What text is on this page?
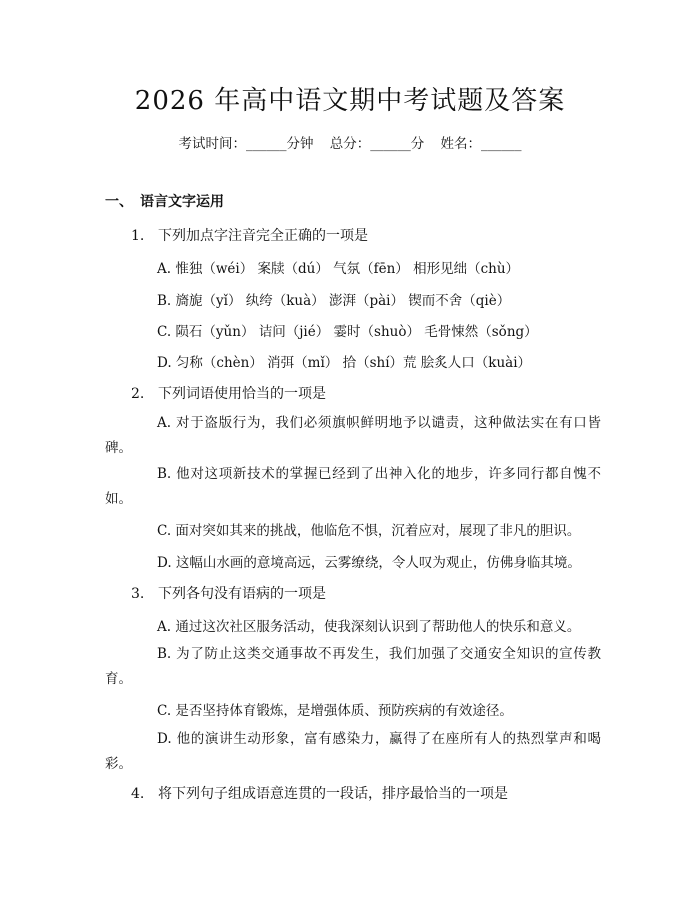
2026 年高中语文期中考试题及答案
考试时间：______分钟 总分：______分 姓名：______
一、　语言文字运用
1. 下列加点字注音完全正确的一项是
A. 惟独（wéi） 案牍（dú） 气氛（fēn） 相形见绌（chù）
B. 旖旎（yǐ） 纨绔（kuà） 澎湃（pài） 锲而不舍（qiè）
C. 陨石（yǔn） 诘问（jié） 霎时（shuò） 毛骨悚然（sǒng）
D. 匀称（chèn） 消弭（mǐ） 拾（shí）荒 脍炙人口（kuài）
2. 下列词语使用恰当的一项是
A. 对于盗版行为，我们必须旗帜鲜明地予以谴责，这种做法实在有口皆碑。
B. 他对这项新技术的掌握已经到了出神入化的地步，许多同行都自愧不如。
C. 面对突如其来的挑战，他临危不惧，沉着应对，展现了非凡的胆识。
D. 这幅山水画的意境高远，云雾缭绕，令人叹为观止，仿佛身临其境。
3. 下列各句没有语病的一项是
A. 通过这次社区服务活动，使我深刻认识到了帮助他人的快乐和意义。
B. 为了防止这类交通事故不再发生，我们加强了交通安全知识的宣传教育。
C. 是否坚持体育锻炼，是增强体质、预防疾病的有效途径。
D. 他的演讲生动形象，富有感染力，赢得了在座所有人的热烈掌声和喝彩。
4. 将下列句子组成语意连贯的一段话，排序最恰当的一项是
